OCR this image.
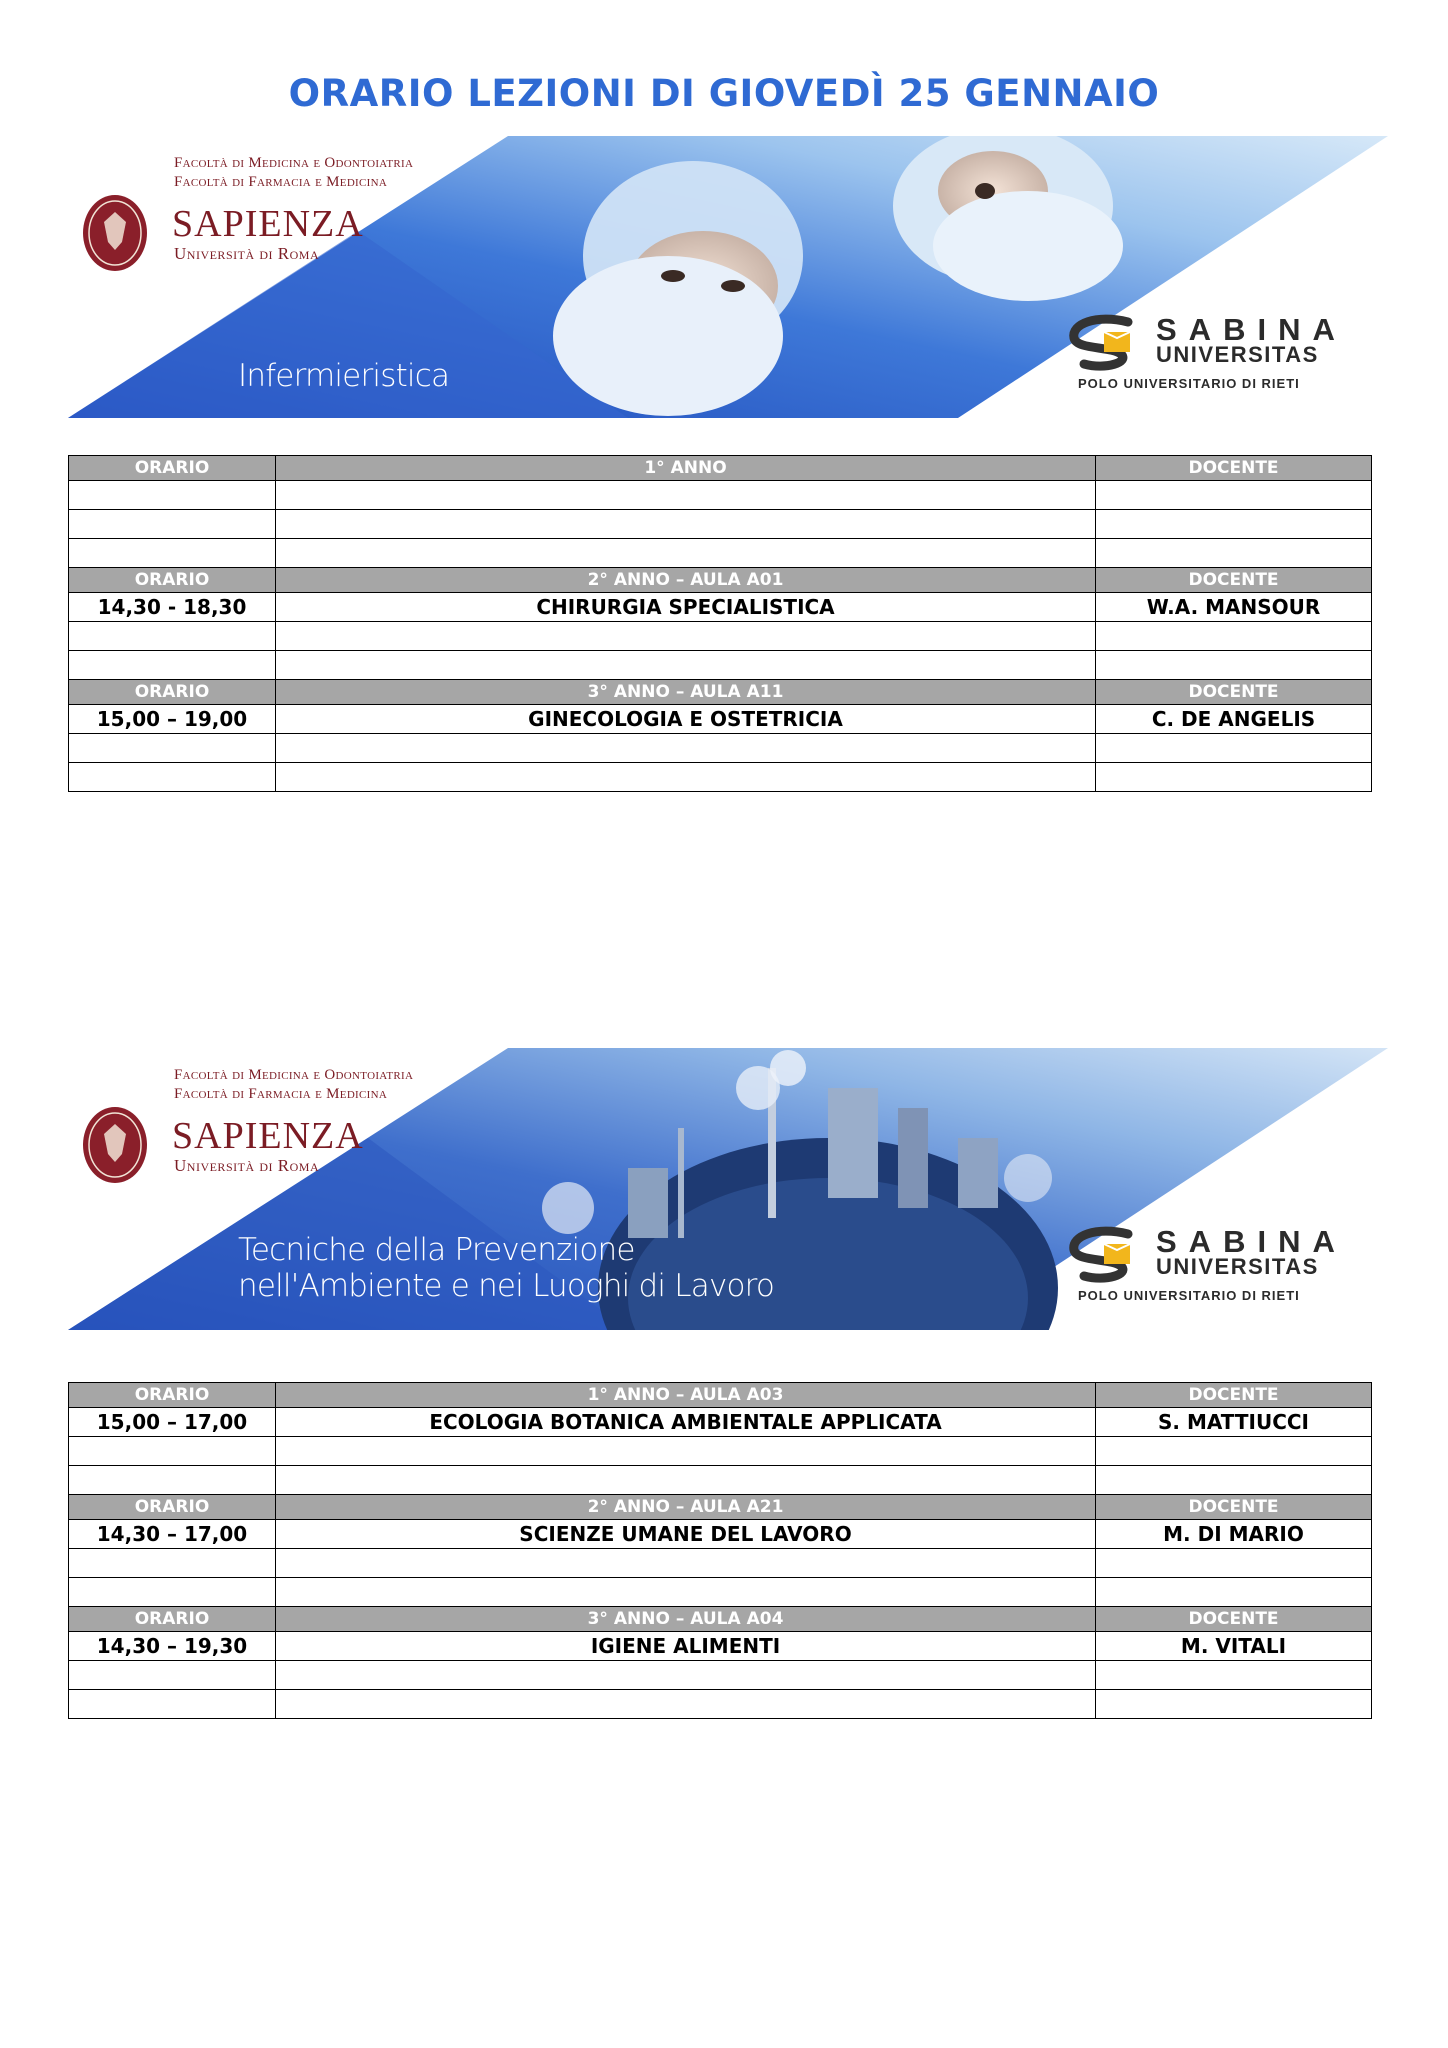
ORARIO LEZIONI DI GIOVEDÌ 25 GENNAIO
Facoltà di Medicina e Odontoiatria
Facoltà di Farmacia e Medicina
SAPIENZA
Università di Roma
Infermieristica
SABINA
UNIVERSITAS
POLO UNIVERSITARIO DI RIETI
ORARIO	1° ANNO	DOCENTE

ORARIO	2° ANNO – AULA A01	DOCENTE
14,30 - 18,30	CHIRURGIA SPECIALISTICA	W.A. MANSOUR

ORARIO	3° ANNO – AULA A11	DOCENTE
15,00 – 19,00	GINECOLOGIA E OSTETRICIA	C. DE ANGELIS

Facoltà di Medicina e Odontoiatria
Facoltà di Farmacia e Medicina
SAPIENZA
Università di Roma
Tecniche della Prevenzione
nell'Ambiente e nei Luoghi di Lavoro
SABINA
UNIVERSITAS
POLO UNIVERSITARIO DI RIETI
ORARIO	1° ANNO – AULA A03	DOCENTE
15,00 – 17,00	ECOLOGIA BOTANICA AMBIENTALE APPLICATA	S. MATTIUCCI

ORARIO	2° ANNO – AULA A21	DOCENTE
14,30 – 17,00	SCIENZE UMANE DEL LAVORO	M. DI MARIO

ORARIO	3° ANNO – AULA A04	DOCENTE
14,30 – 19,30	IGIENE ALIMENTI	M. VITALI
